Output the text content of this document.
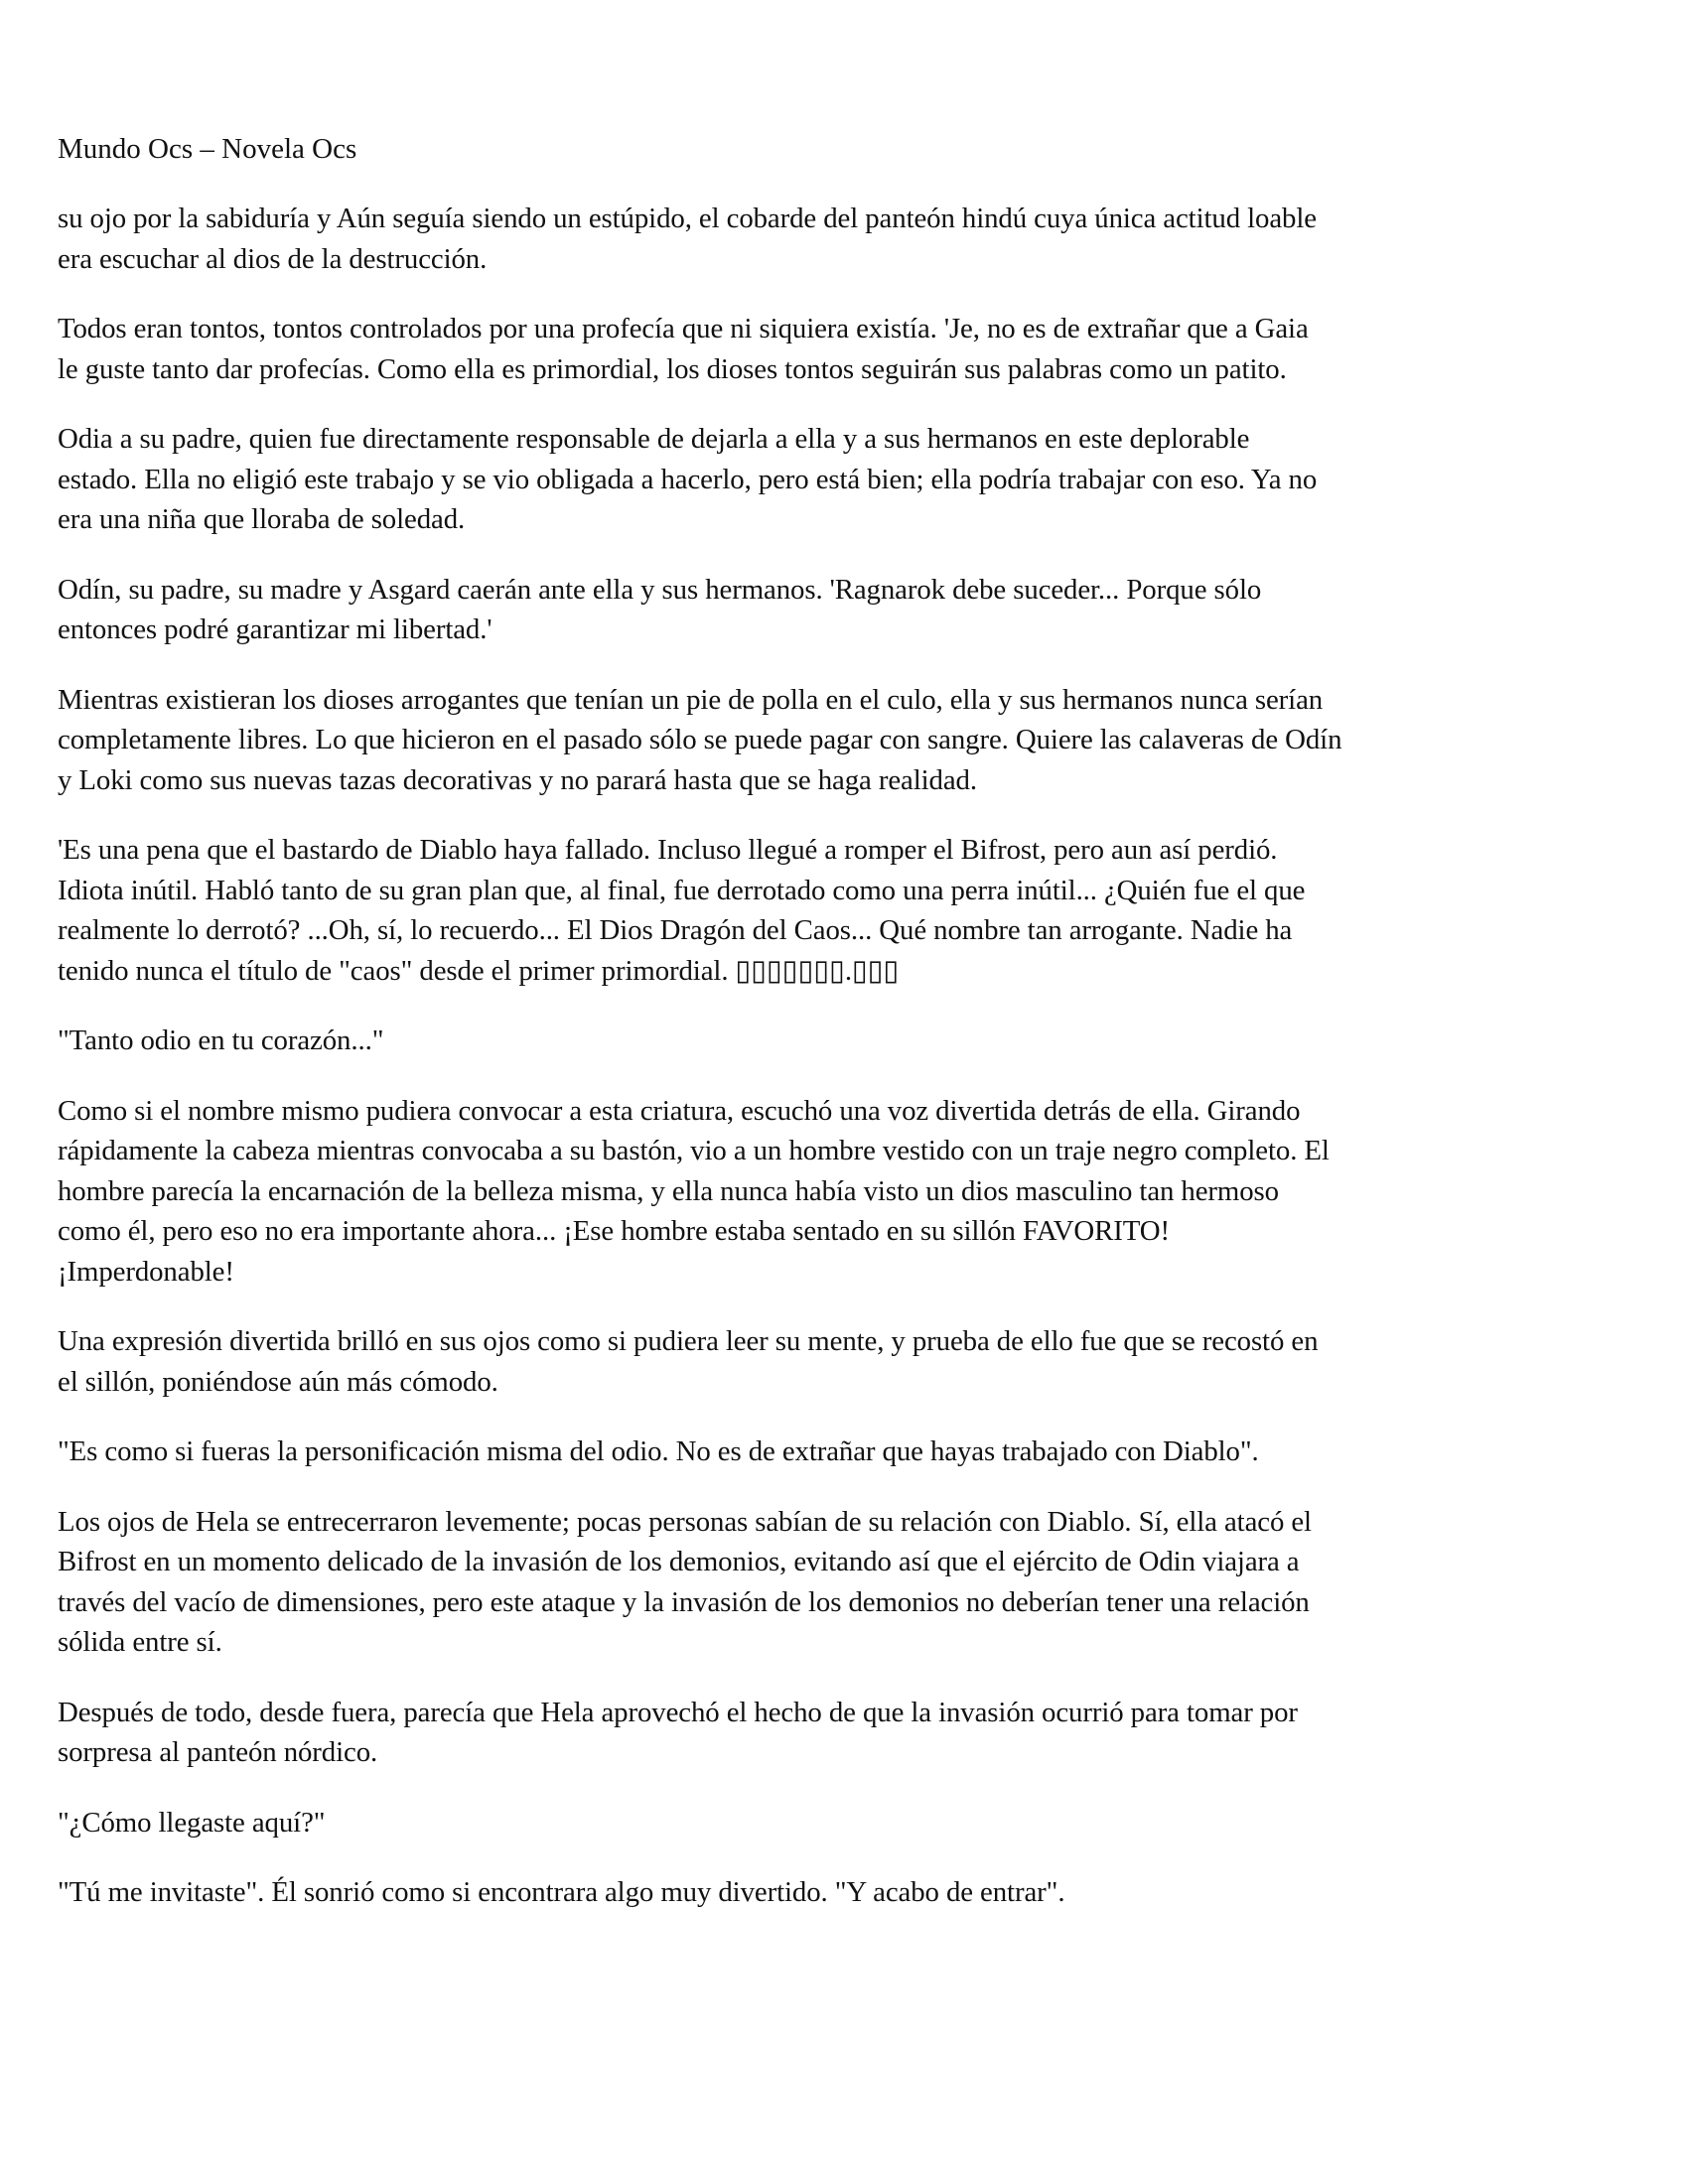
Mundo Ocs – Novela Ocs

su ojo por la sabiduría y Aún seguía siendo un estúpido, el cobarde del panteón hindú cuya única actitud loable
era escuchar al dios de la destrucción.

Todos eran tontos, tontos controlados por una profecía que ni siquiera existía. 'Je, no es de extrañar que a Gaia
le guste tanto dar profecías. Como ella es primordial, los dioses tontos seguirán sus palabras como un patito.

Odia a su padre, quien fue directamente responsable de dejarla a ella y a sus hermanos en este deplorable
estado. Ella no eligió este trabajo y se vio obligada a hacerlo, pero está bien; ella podría trabajar con eso. Ya no
era una niña que lloraba de soledad.

Odín, su padre, su madre y Asgard caerán ante ella y sus hermanos. 'Ragnarok debe suceder... Porque sólo
entonces podré garantizar mi libertad.'

Mientras existieran los dioses arrogantes que tenían un pie de polla en el culo, ella y sus hermanos nunca serían
completamente libres. Lo que hicieron en el pasado sólo se puede pagar con sangre. Quiere las calaveras de Odín
y Loki como sus nuevas tazas decorativas y no parará hasta que se haga realidad.

'Es una pena que el bastardo de Diablo haya fallado. Incluso llegué a romper el Bifrost, pero aun así perdió.
Idiota inútil. Habló tanto de su gran plan que, al final, fue derrotado como una perra inútil... ¿Quién fue el que
realmente lo derrotó? ...Oh, sí, lo recuerdo... El Dios Dragón del Caos... Qué nombre tan arrogante. Nadie ha
tenido nunca el título de "caos" desde el primer primordial. ▯▯▯▯▯▯▯.▯▯▯

"Tanto odio en tu corazón..."

Como si el nombre mismo pudiera convocar a esta criatura, escuchó una voz divertida detrás de ella. Girando
rápidamente la cabeza mientras convocaba a su bastón, vio a un hombre vestido con un traje negro completo. El
hombre parecía la encarnación de la belleza misma, y ella nunca había visto un dios masculino tan hermoso
como él, pero eso no era importante ahora... ¡Ese hombre estaba sentado en su sillón FAVORITO!
¡Imperdonable!

Una expresión divertida brilló en sus ojos como si pudiera leer su mente, y prueba de ello fue que se recostó en
el sillón, poniéndose aún más cómodo.

"Es como si fueras la personificación misma del odio. No es de extrañar que hayas trabajado con Diablo".

Los ojos de Hela se entrecerraron levemente; pocas personas sabían de su relación con Diablo. Sí, ella atacó el
Bifrost en un momento delicado de la invasión de los demonios, evitando así que el ejército de Odin viajara a
través del vacío de dimensiones, pero este ataque y la invasión de los demonios no deberían tener una relación
sólida entre sí.

Después de todo, desde fuera, parecía que Hela aprovechó el hecho de que la invasión ocurrió para tomar por
sorpresa al panteón nórdico.

"¿Cómo llegaste aquí?"

"Tú me invitaste". Él sonrió como si encontrara algo muy divertido. "Y acabo de entrar".
